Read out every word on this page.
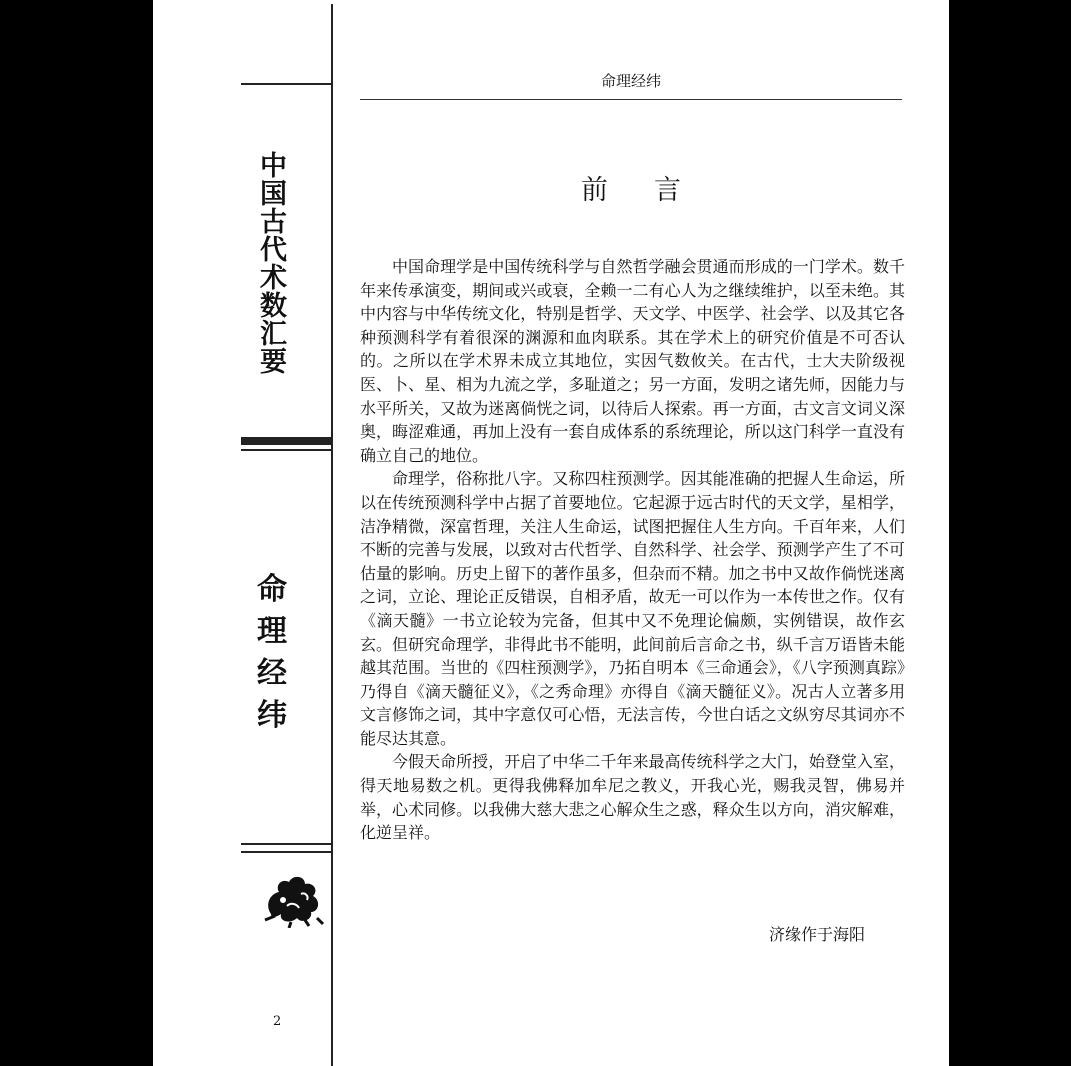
中
国
古
代
术
数
汇
要
命
理
经
纬
2
命理经纬
前言

中国命理学是中国传统科学与自然哲学融会贯通而形成的一门学术。数千年来传承演变，期间或兴或衰，全赖一二有心人为之继续维护，以至未绝。其中内容与中华传统文化，特别是哲学、天文学、中医学、社会学、以及其它各种预测科学有着很深的渊源和血肉联系。其在学术上的研究价值是不可否认的。之所以在学术界未成立其地位，实因气数攸关。在古代，士大夫阶级视医、卜、星、相为九流之学，多耻道之；另一方面，发明之诸先师，因能力与水平所关，又故为迷离倘恍之词，以待后人探索。再一方面，古文言文词义深奥，晦涩难通，再加上没有一套自成体系的系统理论，所以这门科学一直没有确立自己的地位。

命理学，俗称批八字。又称四柱预测学。因其能准确的把握人生命运，所以在传统预测科学中占据了首要地位。它起源于远古时代的天文学，星相学，洁净精微，深富哲理，关注人生命运，试图把握住人生方向。千百年来，人们不断的完善与发展，以致对古代哲学、自然科学、社会学、预测学产生了不可估量的影响。历史上留下的著作虽多，但杂而不精。加之书中又故作倘恍迷离之词，立论、理论正反错误，自相矛盾，故无一可以作为一本传世之作。仅有《滴天髓》一书立论较为完备，但其中又不免理论偏颇，实例错误，故作玄玄。但研究命理学，非得此书不能明，此间前后言命之书，纵千言万语皆未能越其范围。当世的《四柱预测学》，乃拓自明本《三命通会》，《八字预测真踪》乃得自《滴天髓征义》，《之秀命理》亦得自《滴天髓征义》。况古人立著多用文言修饰之词，其中字意仅可心悟，无法言传，今世白话之文纵穷尽其词亦不能尽达其意。

今假天命所授，开启了中华二千年来最高传统科学之大门，始登堂入室，得天地易数之机。更得我佛释加牟尼之教义，开我心光，赐我灵智，佛易并举，心术同修。以我佛大慈大悲之心解众生之惑，释众生以方向，消灾解难，化逆呈祥。

济缘作于海阳
